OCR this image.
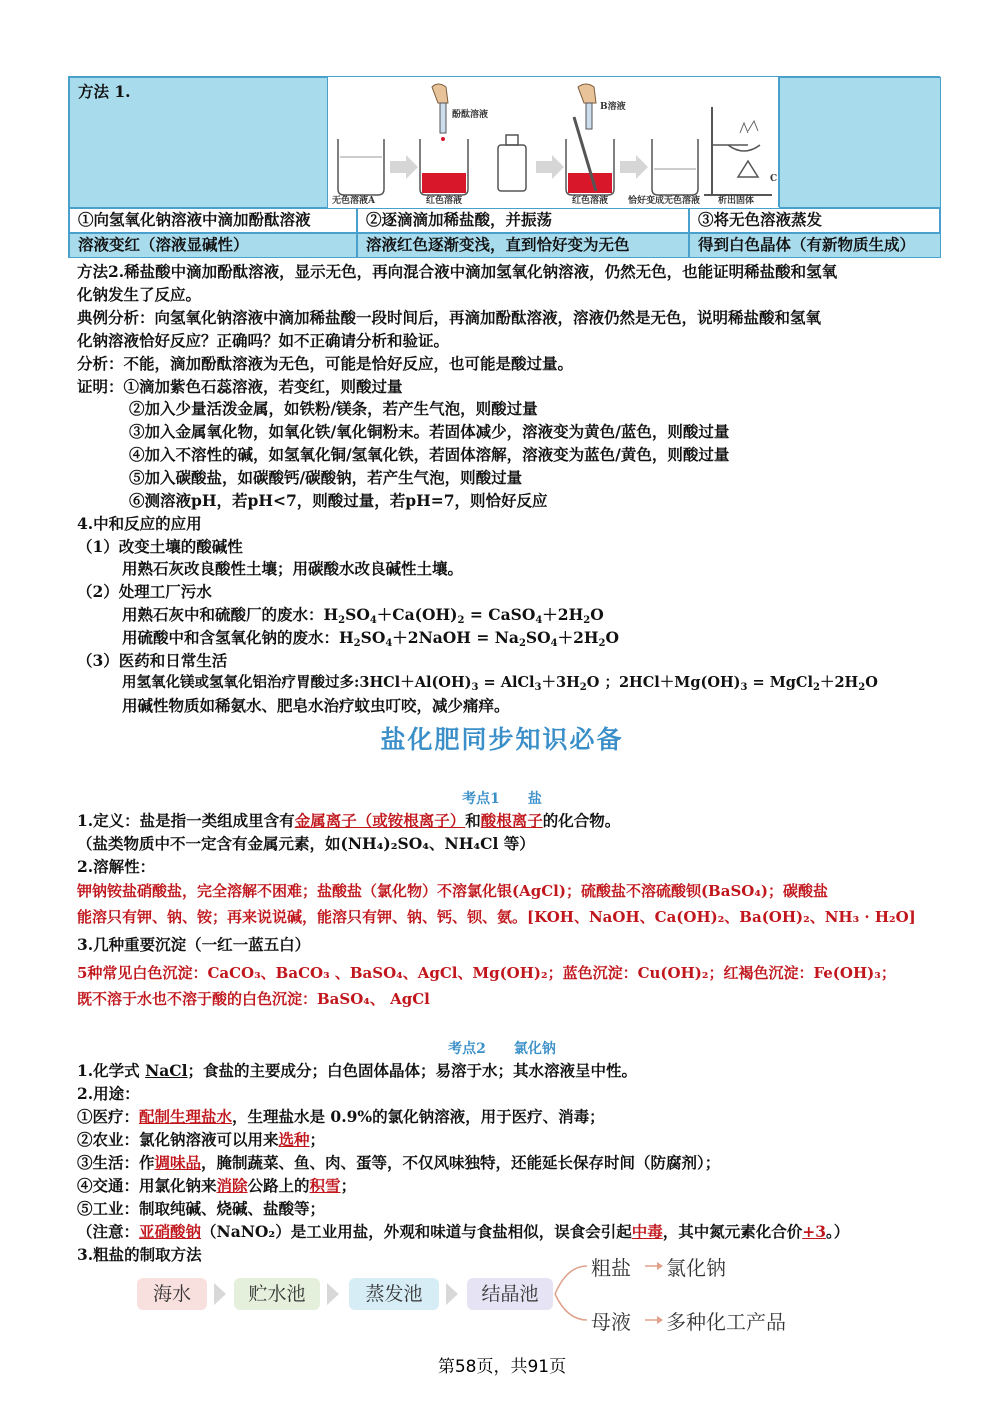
方法 1.
无色溶液A
酚酞溶液
红色溶液
B溶液
红色溶液 恰好变成无色溶液
C
析出固体
①向氢氧化钠溶液中滴加酚酞溶液	②逐滴滴加稀盐酸，并振荡	③将无色溶液蒸发
溶液变红（溶液显碱性）	溶液红色逐渐变浅，直到恰好变为无色	得到白色晶体（有新物质生成）
方法2.稀盐酸中滴加酚酞溶液，显示无色，再向混合液中滴加氢氧化钠溶液，仍然无色，也能证明稀盐酸和氢氧
化钠发生了反应。
典例分析：向氢氧化钠溶液中滴加稀盐酸一段时间后，再滴加酚酞溶液，溶液仍然是无色，说明稀盐酸和氢氧
化钠溶液恰好反应？正确吗？如不正确请分析和验证。
分析：不能，滴加酚酞溶液为无色，可能是恰好反应，也可能是酸过量。
证明：①滴加紫色石蕊溶液，若变红，则酸过量
②加入少量活泼金属，如铁粉/镁条，若产生气泡，则酸过量
③加入金属氧化物，如氧化铁/氧化铜粉末。若固体减少，溶液变为黄色/蓝色，则酸过量
④加入不溶性的碱，如氢氧化铜/氢氧化铁，若固体溶解，溶液变为蓝色/黄色，则酸过量
⑤加入碳酸盐，如碳酸钙/碳酸钠，若产生气泡，则酸过量
⑥测溶液pH，若pH<7，则酸过量，若pH=7，则恰好反应
4.中和反应的应用
（1）改变土壤的酸碱性
用熟石灰改良酸性土壤；用碳酸水改良碱性土壤。
（2）处理工厂污水
用熟石灰中和硫酸厂的废水：$H_2SO_4+Ca(OH)_2$ = $CaSO_4+2H_2O$
用硫酸中和含氢氧化钠的废水：$H_2SO_4+2NaOH = Na_2SO_4+2H_2O$
（3）医药和日常生活
用氢氧化镁或氢氧化铝治疗胃酸过多$:3HCl+Al(OH)_3$ = $AlCl_3+3H_2O$ ；$2HCl+Mg(OH)_3$ = $MgCl_2+2H_2O$
用碱性物质如稀氨水、肥皂水治疗蚊虫叮咬，减少痛痒。
盐化肥同步知识必备
考点1　　盐
1.定义：盐是指一类组成里含有金属离子（或铵根离子）和酸根离子的化合物。
（盐类物质中不一定含有金属元素，如(NH₄)₂SO₄、NH₄Cl 等）
2.溶解性：
钾钠铵盐硝酸盐，完全溶解不困难；盐酸盐（氯化物）不溶氯化银(AgCl)；硫酸盐不溶硫酸钡(BaSO₄)；碳酸盐
能溶只有钾、钠、铵；再来说说碱，能溶只有钾、钠、钙、钡、氨。[KOH、NaOH、Ca(OH)₂、Ba(OH)₂、NH₃ · H₂O]
3.几种重要沉淀（一红一蓝五白）
5种常见白色沉淀：CaCO₃、BaCO₃ 、BaSO₄、AgCl、Mg(OH)₂；蓝色沉淀：Cu(OH)₂；红褐色沉淀：Fe(OH)₃；
既不溶于水也不溶于酸的白色沉淀：BaSO₄、 AgCl
考点2　　氯化钠
1.化学式 NaCl；食盐的主要成分；白色固体晶体；易溶于水；其水溶液呈中性。
2.用途：
①医疗：配制生理盐水，生理盐水是 0.9%的氯化钠溶液，用于医疗、消毒；
②农业：氯化钠溶液可以用来选种；
③生活：作调味品，腌制蔬菜、鱼、肉、蛋等，不仅风味独特，还能延长保存时间（防腐剂）；
④交通：用氯化钠来消除公路上的积雪；
⑤工业：制取纯碱、烧碱、盐酸等；
（注意：亚硝酸钠（NaNO₂）是工业用盐，外观和味道与食盐相似，误食会引起中毒，其中氮元素化合价+3。）
3.粗盐的制取方法
海水	贮水池	蒸发池	结晶池
粗盐 氯化钠
母液 多种化工产品
第58页，共91页
